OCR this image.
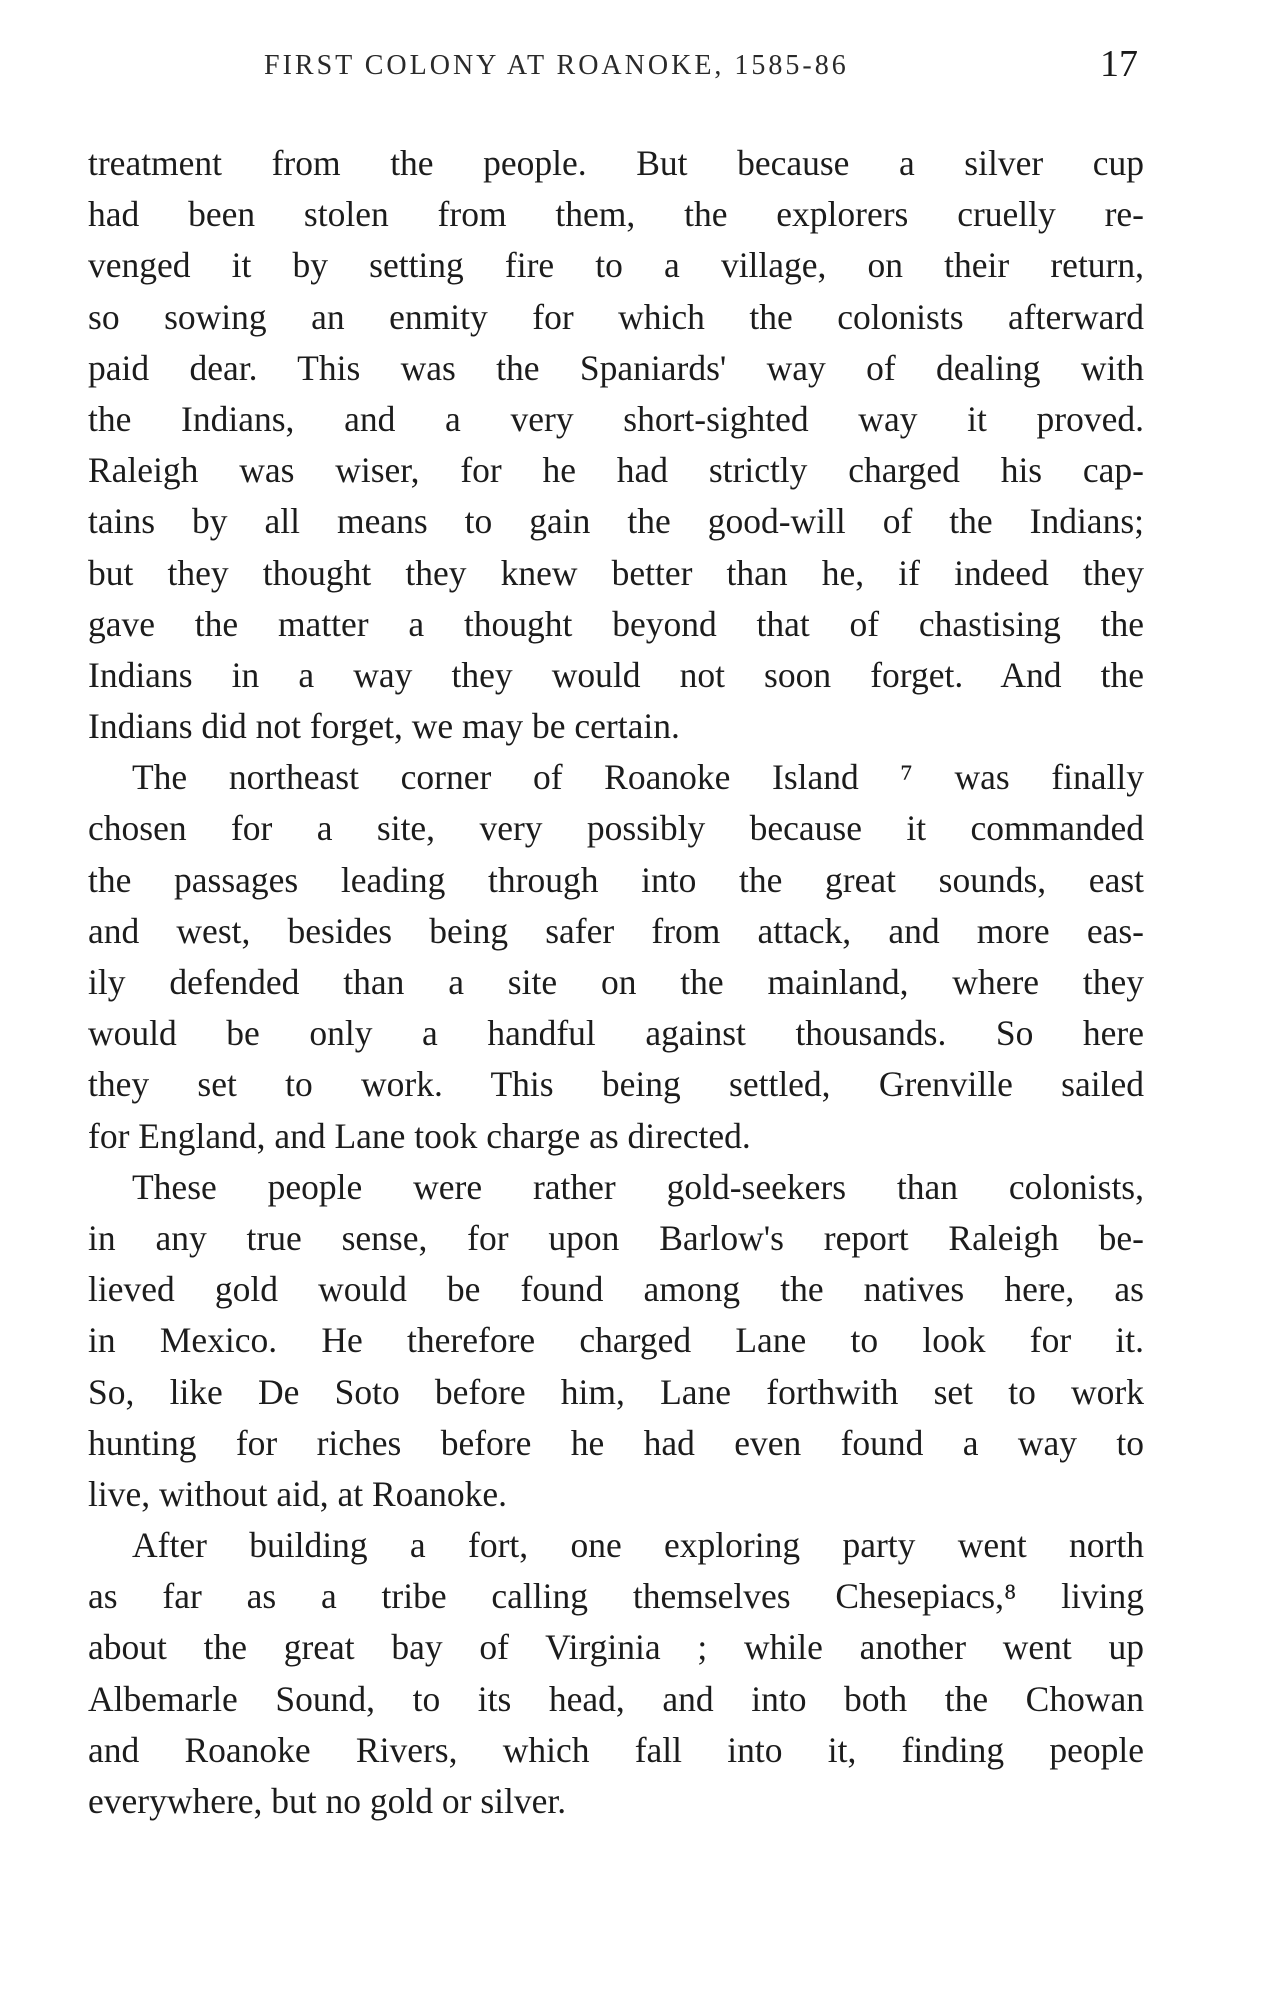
FIRST COLONY AT ROANOKE, 1585-86	17
treatment from the people. But because a silver cup
had been stolen from them, the explorers cruelly re-
venged it by setting fire to a village, on their return,
so sowing an enmity for which the colonists afterward
paid dear. This was the Spaniards' way of dealing with
the Indians, and a very short-sighted way it proved.
Raleigh was wiser, for he had strictly charged his cap-
tains by all means to gain the good-will of the Indians;
but they thought they knew better than he, if indeed they
gave the matter a thought beyond that of chastising the
Indians in a way they would not soon forget. And the
Indians did not forget, we may be certain.
The northeast corner of Roanoke Island ⁷ was finally
chosen for a site, very possibly because it commanded
the passages leading through into the great sounds, east
and west, besides being safer from attack, and more eas-
ily defended than a site on the mainland, where they
would be only a handful against thousands. So here
they set to work. This being settled, Grenville sailed
for England, and Lane took charge as directed.
These people were rather gold-seekers than colonists,
in any true sense, for upon Barlow's report Raleigh be-
lieved gold would be found among the natives here, as
in Mexico. He therefore charged Lane to look for it.
So, like De Soto before him, Lane forthwith set to work
hunting for riches before he had even found a way to
live, without aid, at Roanoke.
After building a fort, one exploring party went north
as far as a tribe calling themselves Chesepiacs,⁸ living
about the great bay of Virginia ; while another went up
Albemarle Sound, to its head, and into both the Chowan
and Roanoke Rivers, which fall into it, finding people
everywhere, but no gold or silver.
